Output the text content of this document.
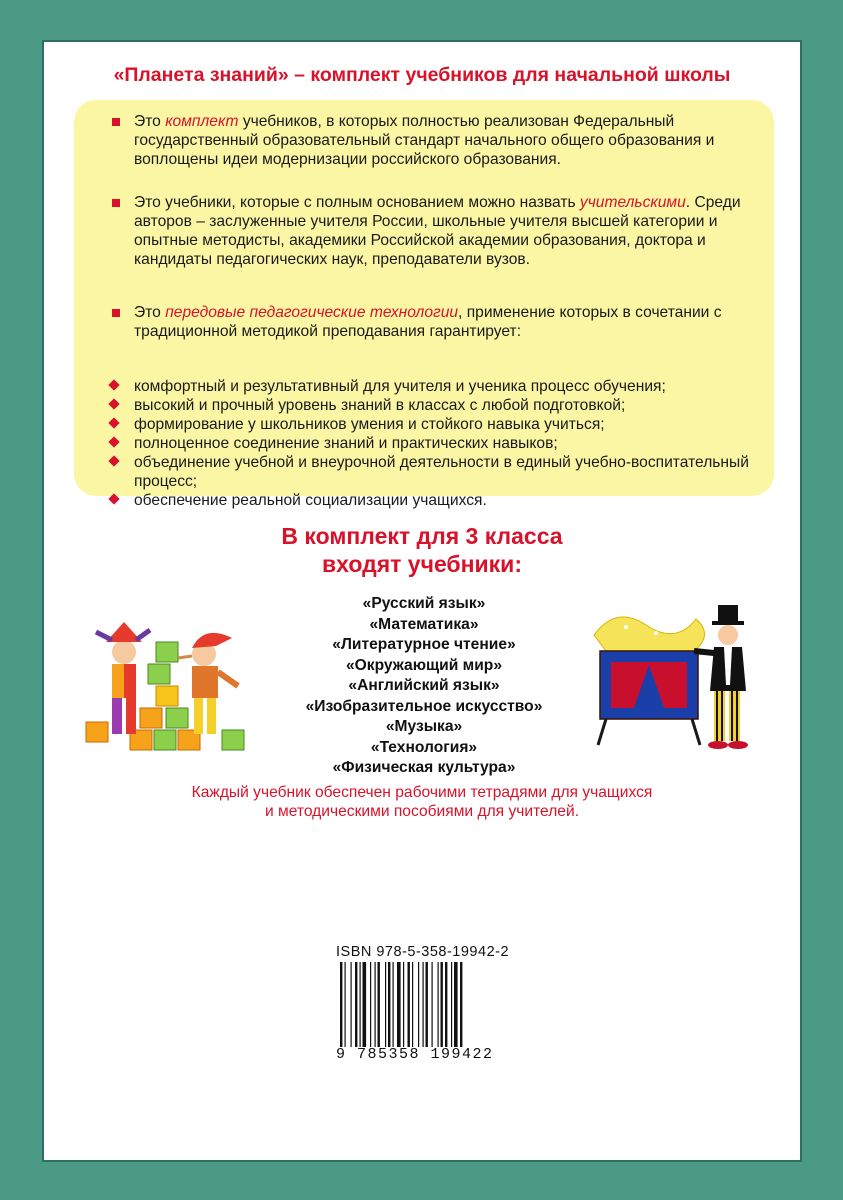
«Планета знаний» – комплект учебников для начальной школы
Это комплект учебников, в которых полностью реализован Федеральный государственный образовательный стандарт начального общего образования и воплощены идеи модернизации российского образования.
Это учебники, которые с полным основанием можно назвать учительскими. Среди авторов – заслуженные учителя России, школьные учителя высшей категории и опытные методисты, академики Российской академии образования, доктора и кандидаты педагогических наук, преподаватели вузов.
Это передовые педагогические технологии, применение которых в сочетании с традиционной методикой преподавания гарантирует:
комфортный и результативный для учителя и ученика процесс обучения;
высокий и прочный уровень знаний в классах с любой подготовкой;
формирование у школьников умения и стойкого навыка учиться;
полноценное соединение знаний и практических навыков;
объединение учебной и внеурочной деятельности в единый учебно-воспитательный процесс;
обеспечение реальной социализации учащихся.
В комплект для 3 класса
входят учебники:
«Русский язык»
«Математика»
«Литературное чтение»
«Окружающий мир»
«Английский язык»
«Изобразительное искусство»
«Музыка»
«Технология»
«Физическая культура»
Каждый учебник обеспечен рабочими тетрадями для учащихся
и методическими пособиями для учителей.
ISBN 978-5-358-19942-2
9 785358 199422
